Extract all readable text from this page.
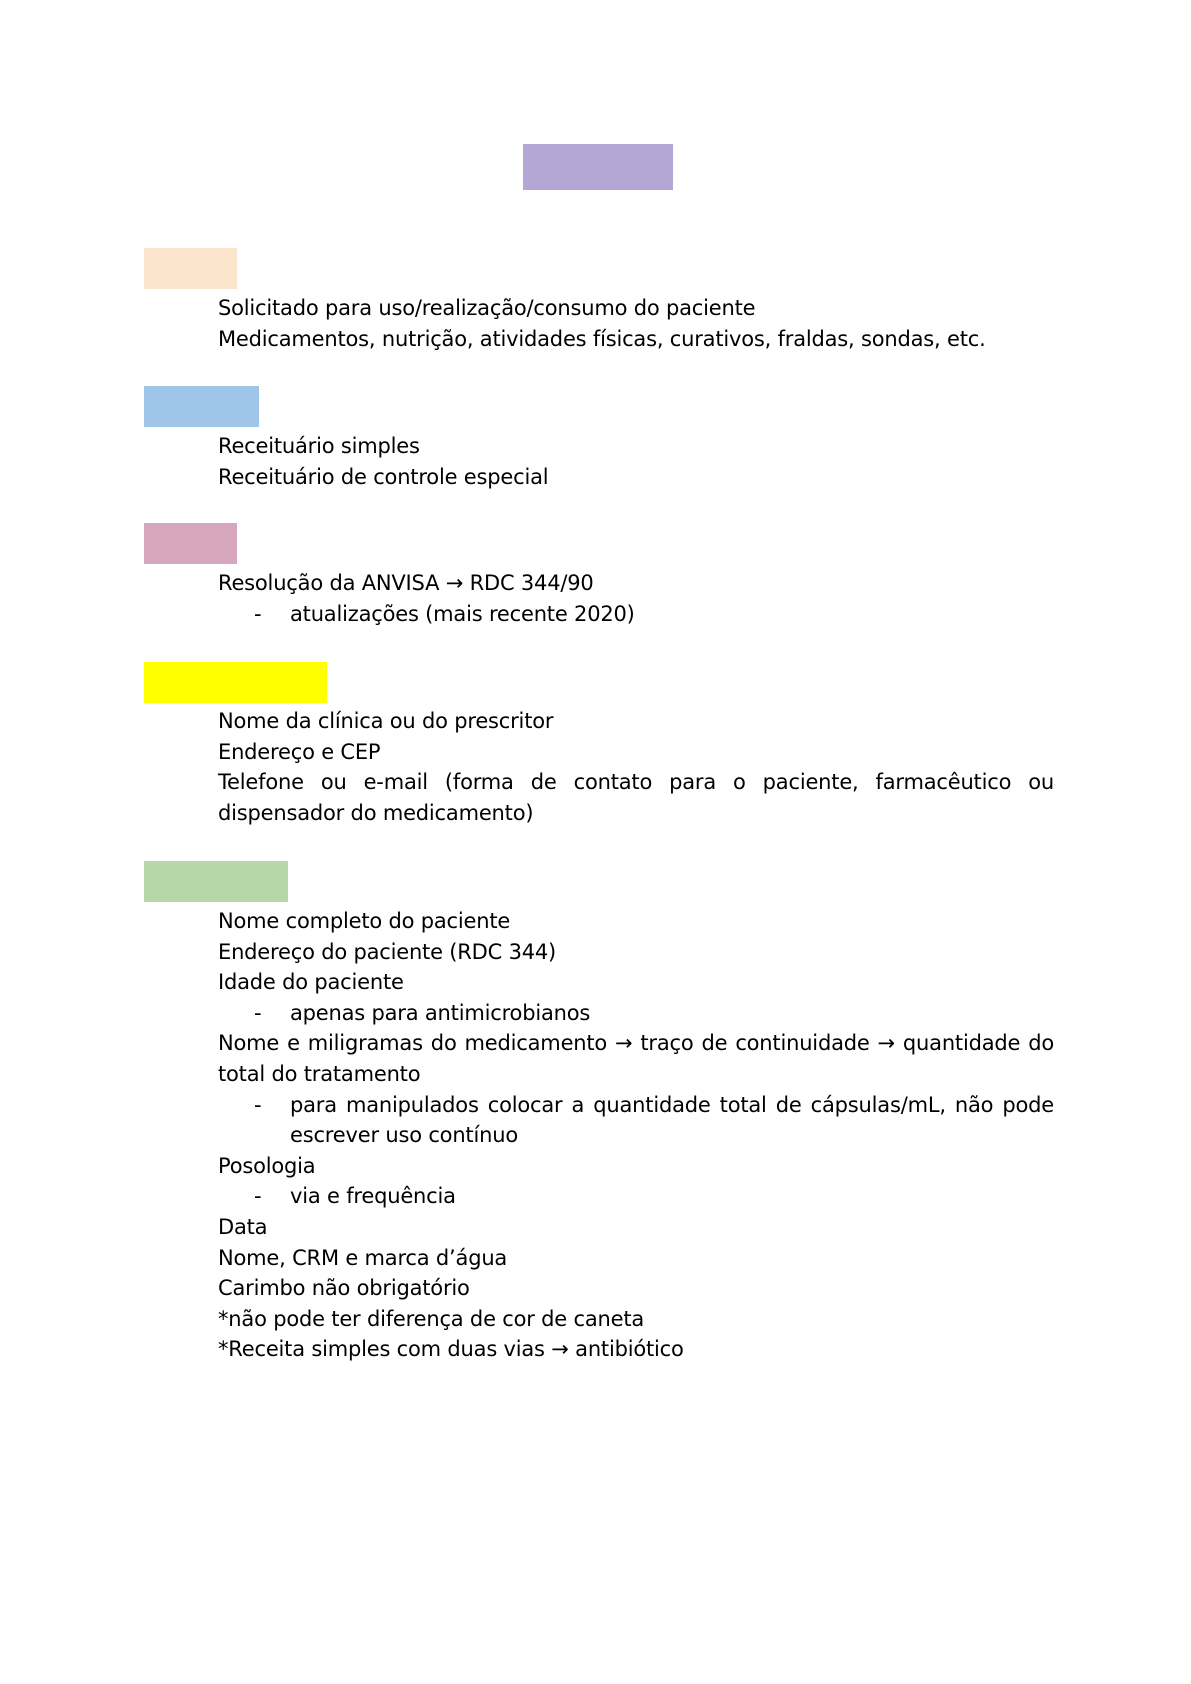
Solicitado para uso/realização/consumo do paciente
Medicamentos, nutrição, atividades físicas, curativos, fraldas, sondas, etc.
Receituário simples
Receituário de controle especial
Resolução da ANVISA → RDC 344/90
-	atualizações (mais recente 2020)
Nome da clínica ou do prescritor
Endereço e CEP
Telefone ou e-mail (forma de contato para o paciente, farmacêutico ou dispensador do medicamento)
Nome completo do paciente
Endereço do paciente (RDC 344)
Idade do paciente
-	apenas para antimicrobianos
Nome e miligramas do medicamento → traço de continuidade → quantidade do total do tratamento
-	para manipulados colocar a quantidade total de cápsulas/mL, não pode escrever uso contínuo
Posologia
-	via e frequência
Data
Nome, CRM e marca d’água
Carimbo não obrigatório
*não pode ter diferença de cor de caneta
*Receita simples com duas vias → antibiótico
